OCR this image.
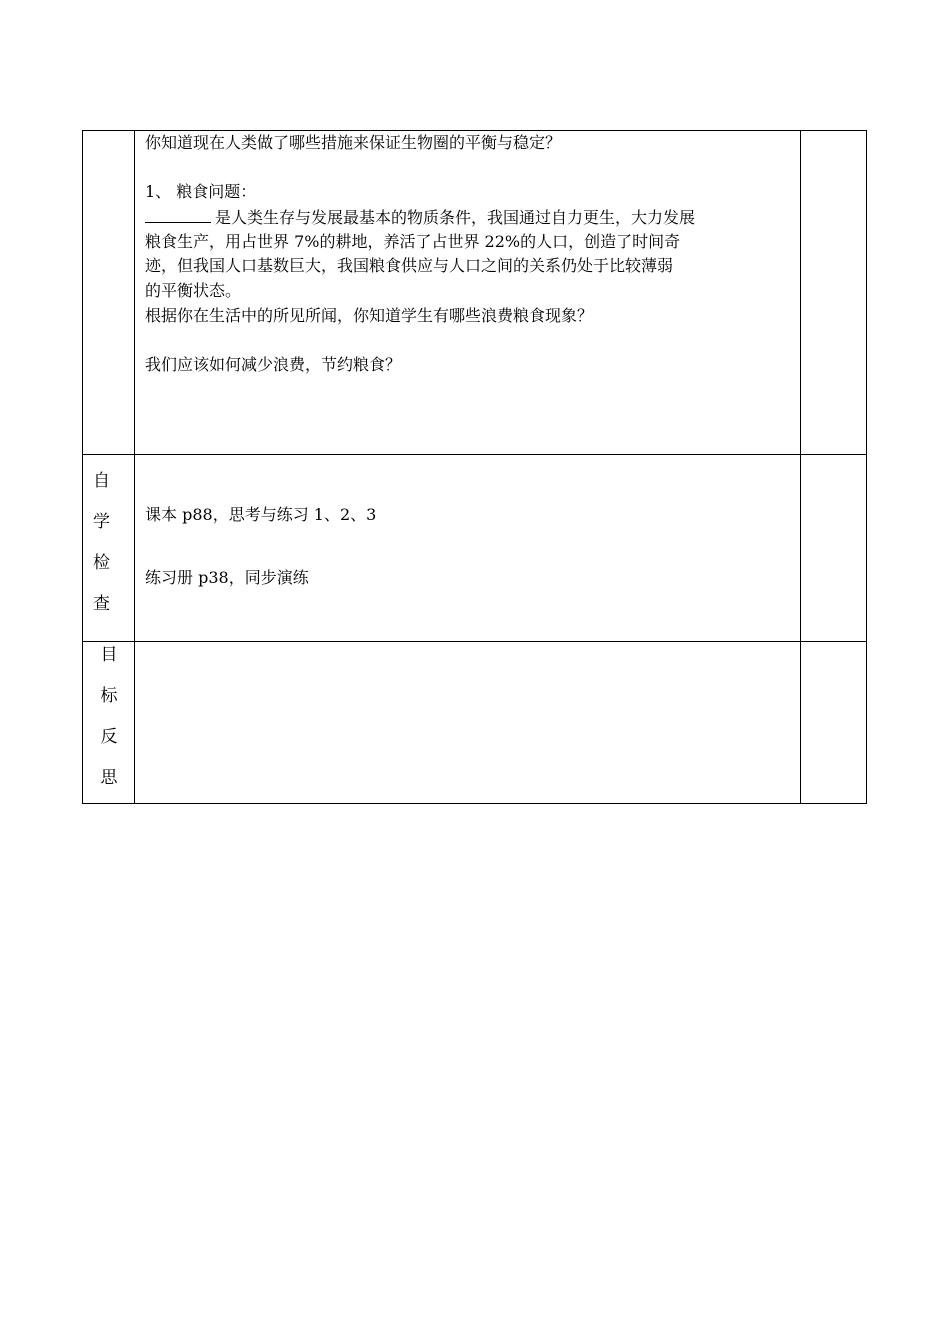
你知道现在人类做了哪些措施来保证生物圈的平衡与稳定？
1、 粮食问题：
是人类生存与发展最基本的物质条件，我国通过自力更生，大力发展
粮食生产，用占世界 7%的耕地，养活了占世界 22%的人口，创造了时间奇
迹，但我国人口基数巨大，我国粮食供应与人口之间的关系仍处于比较薄弱
的平衡状态。
根据你在生活中的所见所闻，你知道学生有哪些浪费粮食现象？
我们应该如何减少浪费，节约粮食？
自
学
检
查
课本 p88，思考与练习 1、2、3
练习册 p38，同步演练
目
标
反
思
